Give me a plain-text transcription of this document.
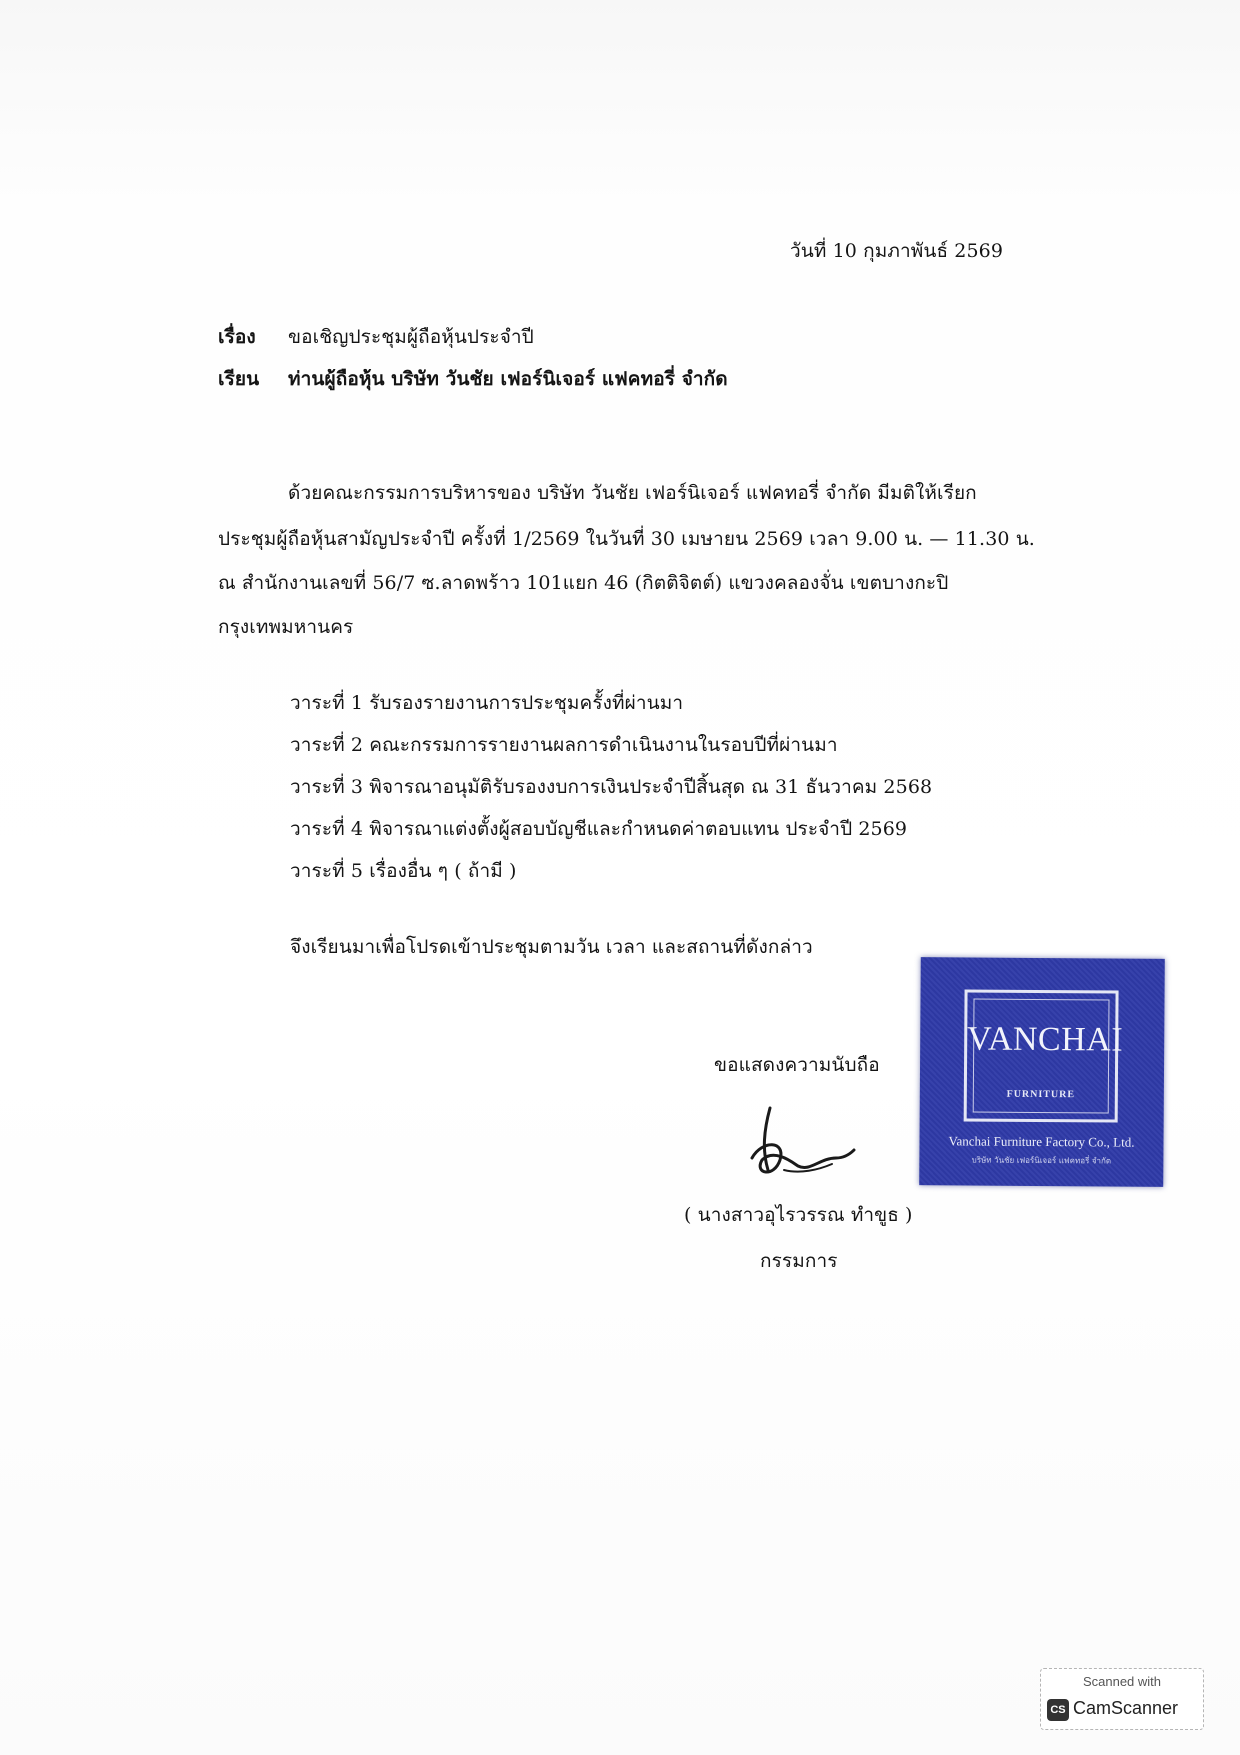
วันที่ 10 กุมภาพันธ์ 2569
เรื่อง ขอเชิญประชุมผู้ถือหุ้นประจำปี
เรียน ท่านผู้ถือหุ้น บริษัท วันชัย เฟอร์นิเจอร์ แฟคทอรี่ จำกัด
ด้วยคณะกรรมการบริหารของ บริษัท วันชัย เฟอร์นิเจอร์ แฟคทอรี่ จำกัด มีมติให้เรียก
ประชุมผู้ถือหุ้นสามัญประจำปี ครั้งที่ 1/2569 ในวันที่ 30 เมษายน 2569 เวลา 9.00 น. — 11.30 น.
ณ สำนักงานเลขที่ 56/7 ซ.ลาดพร้าว 101แยก 46 (กิตติจิตต์) แขวงคลองจั่น เขตบางกะปิ
กรุงเทพมหานคร
วาระที่ 1 รับรองรายงานการประชุมครั้งที่ผ่านมา
วาระที่ 2 คณะกรรมการรายงานผลการดำเนินงานในรอบปีที่ผ่านมา
วาระที่ 3 พิจารณาอนุมัติรับรองงบการเงินประจำปีสิ้นสุด ณ 31 ธันวาคม 2568
วาระที่ 4 พิจารณาแต่งตั้งผู้สอบบัญชีและกำหนดค่าตอบแทน ประจำปี 2569
วาระที่ 5 เรื่องอื่น ๆ ( ถ้ามี )
จึงเรียนมาเพื่อโปรดเข้าประชุมตามวัน เวลา และสถานที่ดังกล่าว
ขอแสดงความนับถือ
( นางสาวอุไรวรรณ ทำขูธ )
กรรมการ
VANCHAI
FURNITURE
Vanchai Furniture Factory Co., Ltd.
บริษัท วันชัย เฟอร์นิเจอร์ แฟคทอรี่ จำกัด
Scanned with
CS CamScanner
